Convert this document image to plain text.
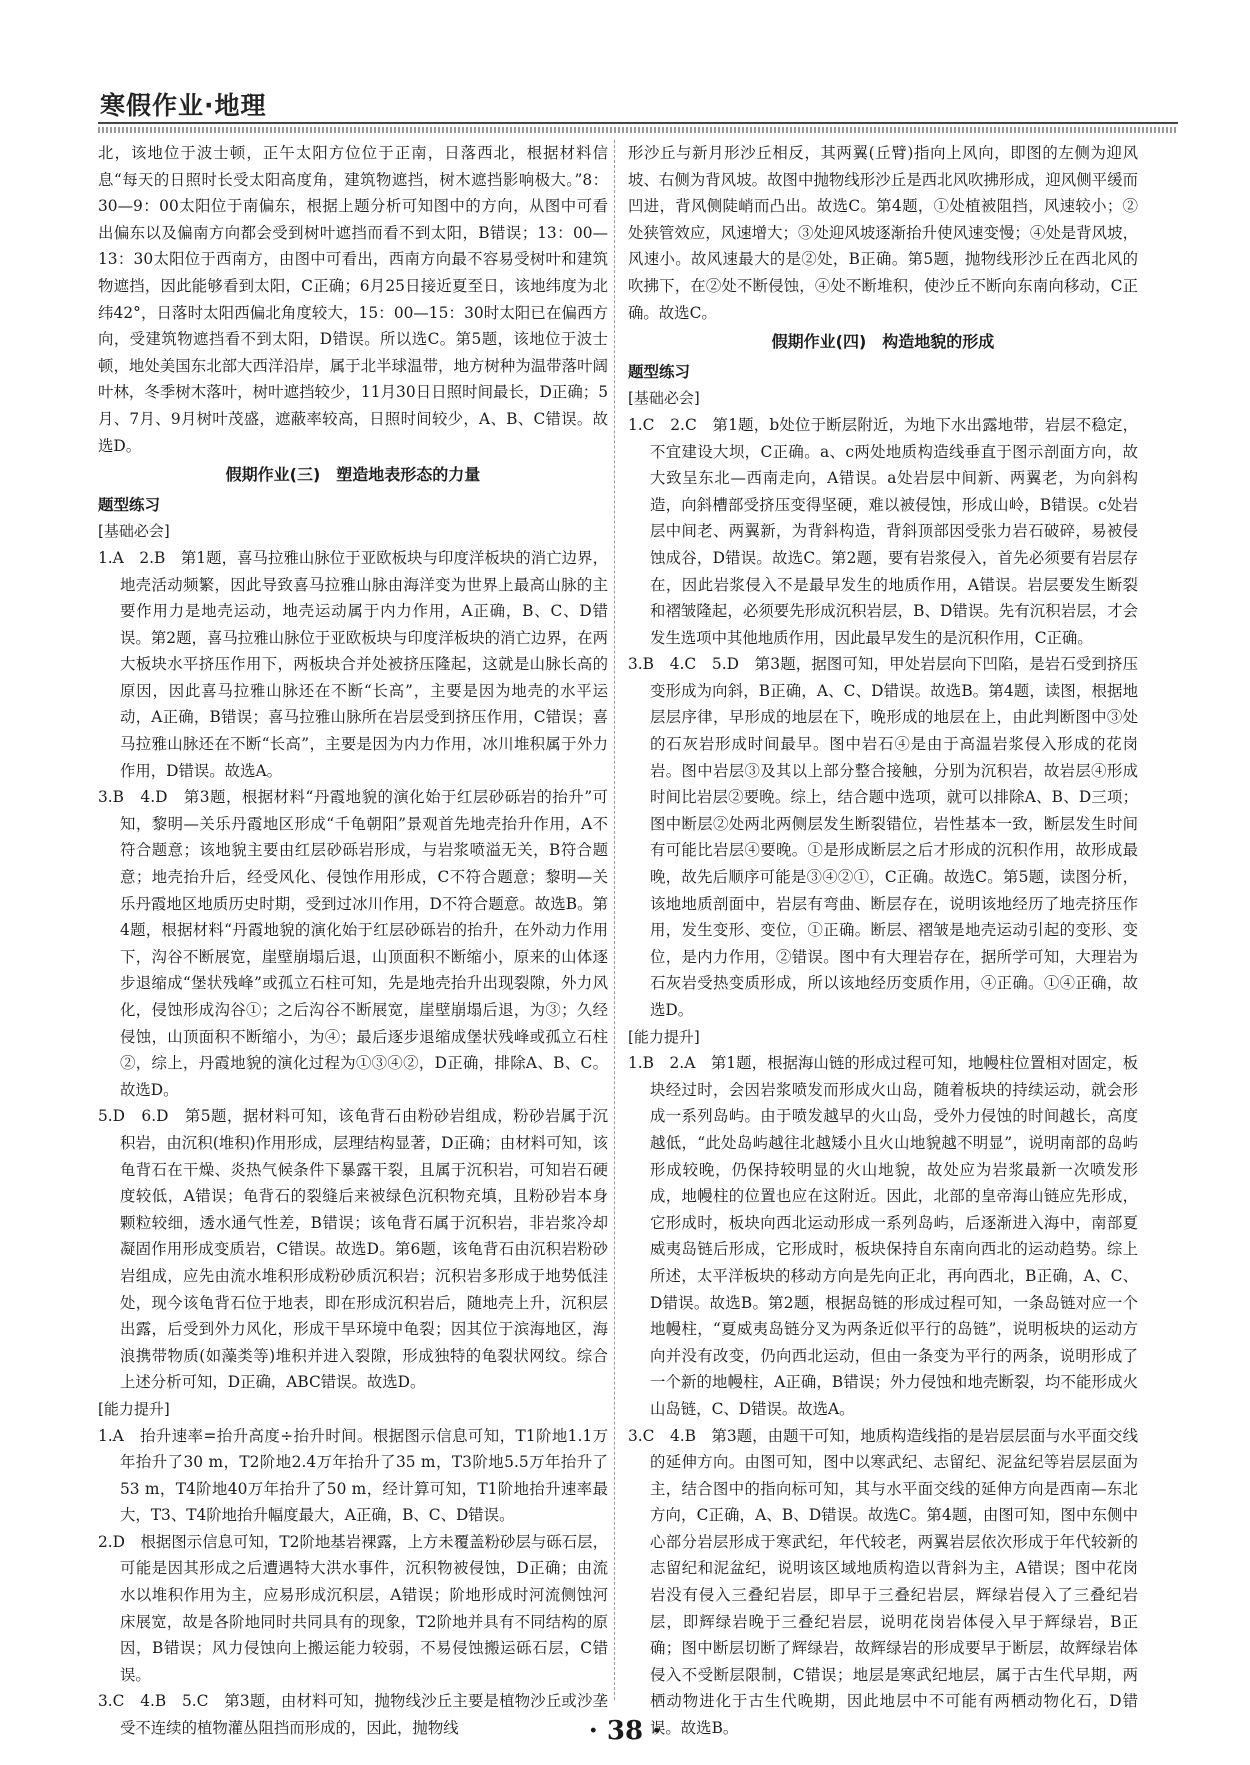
寒假作业·地理

北，该地位于波士顿，正午太阳方位位于正南，日落西北，根据材料信息“每天的日照时长受太阳高度角，建筑物遮挡，树木遮挡影响极大。”8：30—9：00太阳位于南偏东，根据上题分析可知图中的方向，从图中可看出偏东以及偏南方向都会受到树叶遮挡而看不到太阳，B错误；13：00—13：30太阳位于西南方，由图中可看出，西南方向最不容易受树叶和建筑物遮挡，因此能够看到太阳，C正确；6月25日接近夏至日，该地纬度为北纬42°，日落时太阳西偏北角度较大，15：00—15：30时太阳已在偏西方向，受建筑物遮挡看不到太阳，D错误。所以选C。第5题，该地位于波士顿，地处美国东北部大西洋沿岸，属于北半球温带，地方树种为温带落叶阔叶林，冬季树木落叶，树叶遮挡较少，11月30日日照时间最长，D正确；5月、7月、9月树叶茂盛，遮蔽率较高，日照时间较少，A、B、C错误。故选D。

假期作业(三)　塑造地表形态的力量

题型练习

[基础必会]

1.A　2.B　第1题，喜马拉雅山脉位于亚欧板块与印度洋板块的消亡边界，地壳活动频繁，因此导致喜马拉雅山脉由海洋变为世界上最高山脉的主要作用力是地壳运动，地壳运动属于内力作用，A正确，B、C、D错误。第2题，喜马拉雅山脉位于亚欧板块与印度洋板块的消亡边界，在两大板块水平挤压作用下，两板块合并处被挤压隆起，这就是山脉长高的原因，因此喜马拉雅山脉还在不断“长高”，主要是因为地壳的水平运动，A正确，B错误；喜马拉雅山脉所在岩层受到挤压作用，C错误；喜马拉雅山脉还在不断“长高”，主要是因为内力作用，冰川堆积属于外力作用，D错误。故选A。

3.B　4.D　第3题，根据材料“丹霞地貌的演化始于红层砂砾岩的抬升”可知，黎明—关乐丹霞地区形成“千龟朝阳”景观首先地壳抬升作用，A不符合题意；该地貌主要由红层砂砾岩形成，与岩浆喷溢无关，B符合题意；地壳抬升后，经受风化、侵蚀作用形成，C不符合题意；黎明—关乐丹霞地区地质历史时期，受到过冰川作用，D不符合题意。故选B。第4题，根据材料“丹霞地貌的演化始于红层砂砾岩的抬升，在外动力作用下，沟谷不断展宽，崖壁崩塌后退，山顶面积不断缩小，原来的山体逐步退缩成“堡状残峰”或孤立石柱可知，先是地壳抬升出现裂隙，外力风化，侵蚀形成沟谷①；之后沟谷不断展宽，崖壁崩塌后退，为③；久经侵蚀，山顶面积不断缩小，为④；最后逐步退缩成堡状残峰或孤立石柱②，综上，丹霞地貌的演化过程为①③④②，D正确，排除A、B、C。故选D。

5.D　6.D　第5题，据材料可知，该龟背石由粉砂岩组成，粉砂岩属于沉积岩，由沉积(堆积)作用形成，层理结构显著，D正确；由材料可知，该龟背石在干燥、炎热气候条件下暴露干裂，且属于沉积岩，可知岩石硬度较低，A错误；龟背石的裂缝后来被绿色沉积物充填，且粉砂岩本身颗粒较细，透水通气性差，B错误；该龟背石属于沉积岩，非岩浆冷却凝固作用形成变质岩，C错误。故选D。第6题，该龟背石由沉积岩粉砂岩组成，应先由流水堆积形成粉砂质沉积岩；沉积岩多形成于地势低洼处，现今该龟背石位于地表，即在形成沉积岩后，随地壳上升，沉积层出露，后受到外力风化，形成干旱环境中龟裂；因其位于滨海地区，海浪携带物质(如藻类等)堆积并进入裂隙，形成独特的龟裂状网纹。综合上述分析可知，D正确，ABC错误。故选D。

[能力提升]

1.A　抬升速率=抬升高度÷抬升时间。根据图示信息可知，T1阶地1.1万年抬升了30 m，T2阶地2.4万年抬升了35 m，T3阶地5.5万年抬升了53 m，T4阶地40万年抬升了50 m，经计算可知，T1阶地抬升速率最大，T3、T4阶地抬升幅度最大，A正确，B、C、D错误。

2.D　根据图示信息可知，T2阶地基岩裸露，上方未覆盖粉砂层与砾石层，可能是因其形成之后遭遇特大洪水事件，沉积物被侵蚀，D正确；由流水以堆积作用为主，应易形成沉积层，A错误；阶地形成时河流侧蚀河床展宽，故是各阶地同时共同具有的现象，T2阶地并具有不同结构的原因，B错误；风力侵蚀向上搬运能力较弱，不易侵蚀搬运砾石层，C错误。

3.C　4.B　5.C　第3题，由材料可知，抛物线沙丘主要是植物沙丘或沙垄受不连续的植物灌丛阻挡而形成的，因此，抛物线

形沙丘与新月形沙丘相反，其两翼(丘臂)指向上风向，即图的左侧为迎风坡、右侧为背风坡。故图中抛物线形沙丘是西北风吹拂形成，迎风侧平缓而凹进，背风侧陡峭而凸出。故选C。第4题，①处植被阻挡，风速较小；②处狭管效应，风速增大；③处迎风坡逐渐抬升使风速变慢；④处是背风坡，风速小。故风速最大的是②处，B正确。第5题，抛物线形沙丘在西北风的吹拂下，在②处不断侵蚀，④处不断堆积，使沙丘不断向东南向移动，C正确。故选C。

假期作业(四)　构造地貌的形成

题型练习

[基础必会]

1.C　2.C　第1题，b处位于断层附近，为地下水出露地带，岩层不稳定，不宜建设大坝，C正确。a、c两处地质构造线垂直于图示剖面方向，故大致呈东北—西南走向，A错误。a处岩层中间新、两翼老，为向斜构造，向斜槽部受挤压变得坚硬，难以被侵蚀，形成山岭，B错误。c处岩层中间老、两翼新，为背斜构造，背斜顶部因受张力岩石破碎，易被侵蚀成谷，D错误。故选C。第2题，要有岩浆侵入，首先必须要有岩层存在，因此岩浆侵入不是最早发生的地质作用，A错误。岩层要发生断裂和褶皱隆起，必须要先形成沉积岩层，B、D错误。先有沉积岩层，才会发生选项中其他地质作用，因此最早发生的是沉积作用，C正确。

3.B　4.C　5.D　第3题，据图可知，甲处岩层向下凹陷，是岩石受到挤压变形成为向斜，B正确，A、C、D错误。故选B。第4题，读图，根据地层层序律，早形成的地层在下，晚形成的地层在上，由此判断图中③处的石灰岩形成时间最早。图中岩石④是由于高温岩浆侵入形成的花岗岩。图中岩层③及其以上部分整合接触，分别为沉积岩，故岩层④形成时间比岩层②要晚。综上，结合题中选项，就可以排除A、B、D三项；图中断层②处两北两侧层发生断裂错位，岩性基本一致，断层发生时间有可能比岩层④要晚。①是形成断层之后才形成的沉积作用，故形成最晚，故先后顺序可能是③④②①，C正确。故选C。第5题，读图分析，该地地质剖面中，岩层有弯曲、断层存在，说明该地经历了地壳挤压作用，发生变形、变位，①正确。断层、褶皱是地壳运动引起的变形、变位，是内力作用，②错误。图中有大理岩存在，据所学可知，大理岩为石灰岩受热变质形成，所以该地经历变质作用，④正确。①④正确，故选D。

[能力提升]

1.B　2.A　第1题，根据海山链的形成过程可知，地幔柱位置相对固定，板块经过时，会因岩浆喷发而形成火山岛，随着板块的持续运动，就会形成一系列岛屿。由于喷发越早的火山岛，受外力侵蚀的时间越长，高度越低，“此处岛屿越往北越矮小且火山地貌越不明显”，说明南部的岛屿形成较晚，仍保持较明显的火山地貌，故处应为岩浆最新一次喷发形成，地幔柱的位置也应在这附近。因此，北部的皇帝海山链应先形成，它形成时，板块向西北运动形成一系列岛屿，后逐渐进入海中，南部夏威夷岛链后形成，它形成时，板块保持自东南向西北的运动趋势。综上所述，太平洋板块的移动方向是先向正北，再向西北，B正确，A、C、D错误。故选B。第2题，根据岛链的形成过程可知，一条岛链对应一个地幔柱，“夏威夷岛链分叉为两条近似平行的岛链”，说明板块的运动方向并没有改变，仍向西北运动，但由一条变为平行的两条，说明形成了一个新的地幔柱，A正确，B错误；外力侵蚀和地壳断裂，均不能形成火山岛链，C、D错误。故选A。

3.C　4.B　第3题，由题干可知，地质构造线指的是岩层层面与水平面交线的延伸方向。由图可知，图中以寒武纪、志留纪、泥盆纪等岩层层面为主，结合图中的指向标可知，其与水平面交线的延伸方向是西南—东北方向，C正确，A、B、D错误。故选C。第4题，由图可知，图中东侧中心部分岩层形成于寒武纪，年代较老，两翼岩层依次形成于年代较新的志留纪和泥盆纪，说明该区域地质构造以背斜为主，A错误；图中花岗岩没有侵入三叠纪岩层，即早于三叠纪岩层，辉绿岩侵入了三叠纪岩层，即辉绿岩晚于三叠纪岩层，说明花岗岩体侵入早于辉绿岩，B正确；图中断层切断了辉绿岩，故辉绿岩的形成要早于断层，故辉绿岩体侵入不受断层限制，C错误；地层是寒武纪地层，属于古生代早期，两栖动物进化于古生代晚期，因此地层中不可能有两栖动物化石，D错误。故选B。

· 38 ·
